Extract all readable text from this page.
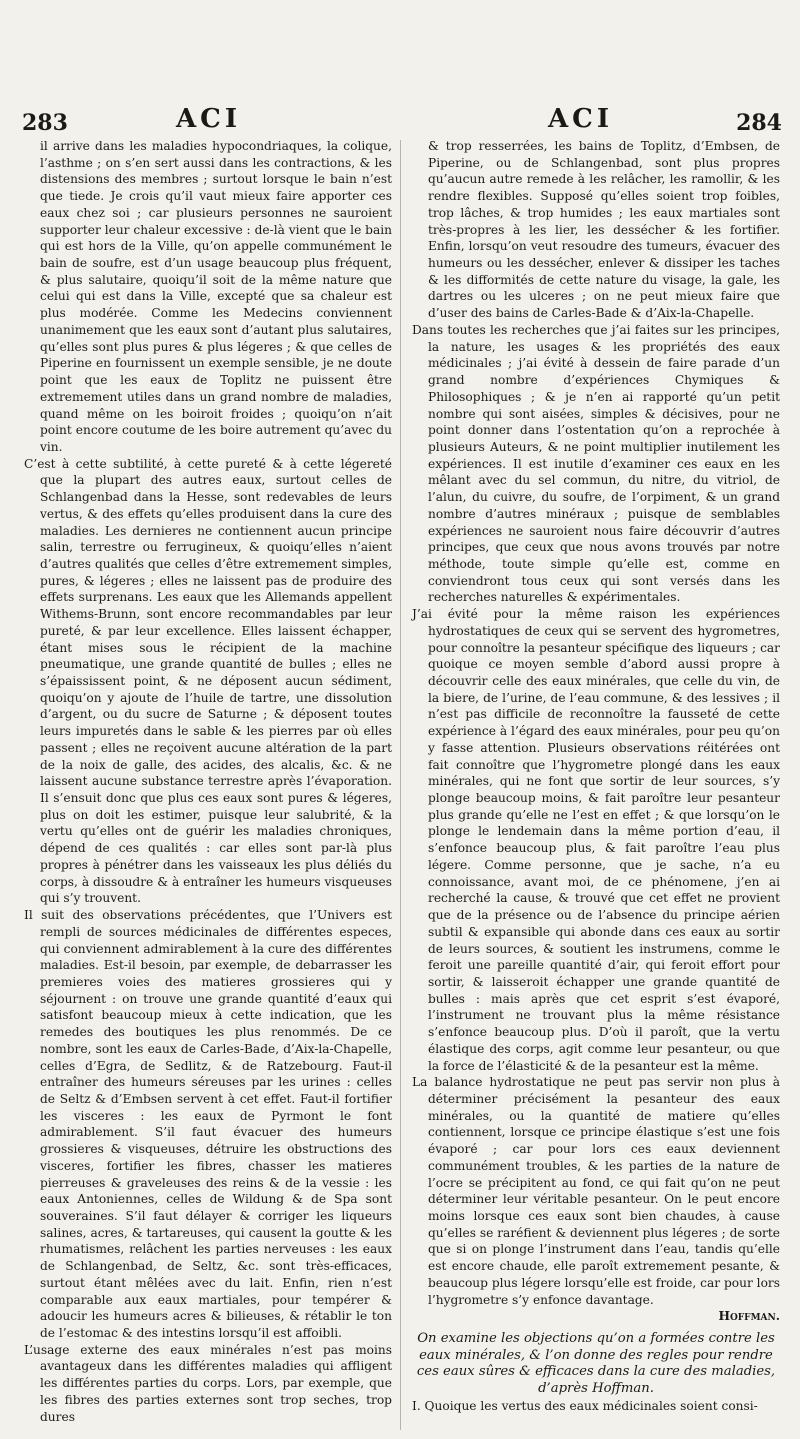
283	ACI	ACI	284

il arrive dans les maladies hypocondriaques, la colique, l’asthme ; on s’en sert aussi dans les contractions, & les distensions des membres ; surtout lorsque le bain n’est que tiede. Je crois qu’il vaut mieux faire apporter ces eaux chez soi ; car plusieurs personnes ne sauroient supporter leur chaleur excessive : de-là vient que le bain qui est hors de la Ville, qu’on appelle communément le bain de soufre, est d’un usage beaucoup plus fréquent, & plus salutaire, quoiqu’il soit de la même nature que celui qui est dans la Ville, excepté que sa chaleur est plus modérée. Comme les Medecins conviennent unanimement que les eaux sont d’autant plus salutaires, qu’elles sont plus pures & plus légeres ; & que celles de Piperine en fournissent un exemple sensible, je ne doute point que les eaux de Toplitz ne puissent être extremement utiles dans un grand nombre de maladies, quand même on les boiroit froides ; quoiqu’on n’ait point encore coutume de les boire autrement qu’avec du vin.

C’est à cette subtilité, à cette pureté & à cette légereté que la plupart des autres eaux, surtout celles de Schlangenbad dans la Hesse, sont redevables de leurs vertus, & des effets qu’elles produisent dans la cure des maladies. Les dernieres ne contiennent aucun principe salin, terrestre ou ferrugineux, & quoiqu’elles n’aient d’autres qualités que celles d’être extremement simples, pures, & légeres ; elles ne laissent pas de produire des effets surprenans. Les eaux que les Allemands appellent Withems-Brunn, sont encore recommandables par leur pureté, & par leur excellence. Elles laissent échapper, étant mises sous le récipient de la machine pneumatique, une grande quantité de bulles ; elles ne s’épaississent point, & ne déposent aucun sédiment, quoiqu’on y ajoute de l’huile de tartre, une dissolution d’argent, ou du sucre de Saturne ; & déposent toutes leurs impuretés dans le sable & les pierres par où elles passent ; elles ne reçoivent aucune altération de la part de la noix de galle, des acides, des alcalis, &c. & ne laissent aucune substance terrestre après l’évaporation. Il s’ensuit donc que plus ces eaux sont pures & légeres, plus on doit les estimer, puisque leur salubrité, & la vertu qu’elles ont de guérir les maladies chroniques, dépend de ces qualités : car elles sont par-là plus propres à pénétrer dans les vaisseaux les plus déliés du corps, à dissoudre & à entraîner les humeurs visqueuses qui s’y trouvent.

Il suit des observations précédentes, que l’Univers est rempli de sources médicinales de différentes especes, qui conviennent admirablement à la cure des différentes maladies. Est-il besoin, par exemple, de debarrasser les premieres voies des matieres grossieres qui y séjournent : on trouve une grande quantité d’eaux qui satisfont beaucoup mieux à cette indication, que les remedes des boutiques les plus renommés. De ce nombre, sont les eaux de Carles-Bade, d’Aix-la-Chapelle, celles d’Egra, de Sedlitz, & de Ratzebourg. Faut-il entraîner des humeurs séreuses par les urines : celles de Seltz & d’Embsen servent à cet effet. Faut-il fortifier les visceres : les eaux de Pyrmont le font admirablement. S’il faut évacuer des humeurs grossieres & visqueuses, détruire les obstructions des visceres, fortifier les fibres, chasser les matieres pierreuses & graveleuses des reins & de la vessie : les eaux Antoniennes, celles de Wildung & de Spa sont souveraines. S’il faut délayer & corriger les liqueurs salines, acres, & tartareuses, qui causent la goutte & les rhumatismes, relâchent les parties nerveuses : les eaux de Schlangenbad, de Seltz, &c. sont très-efficaces, surtout étant mêlées avec du lait. Enfin, rien n’est comparable aux eaux martiales, pour tempérer & adoucir les humeurs acres & bilieuses, & rétablir le ton de l’estomac & des intestins lorsqu’il est affoibli.

L’usage externe des eaux minérales n’est pas moins avantageux dans les différentes maladies qui affligent les différentes parties du corps. Lors, par exemple, que les fibres des parties externes sont trop seches, trop dures

& trop resserrées, les bains de Toplitz, d’Embsen, de Piperine, ou de Schlangenbad, sont plus propres qu’aucun autre remede à les relâcher, les ramollir, & les rendre flexibles. Supposé qu’elles soient trop foibles, trop lâches, & trop humides ; les eaux martiales sont très-propres à les lier, les dessécher & les fortifier. Enfin, lorsqu’on veut resoudre des tumeurs, évacuer des humeurs ou les dessécher, enlever & dissiper les taches & les difformités de cette nature du visage, la gale, les dartres ou les ulceres ; on ne peut mieux faire que d’user des bains de Carles-Bade & d’Aix-la-Chapelle.

Dans toutes les recherches que j’ai faites sur les principes, la nature, les usages & les propriétés des eaux médicinales ; j’ai évité à dessein de faire parade d’un grand nombre d’expériences Chymiques & Philosophiques ; & je n’en ai rapporté qu’un petit nombre qui sont aisées, simples & décisives, pour ne point donner dans l’ostentation qu’on a reprochée à plusieurs Auteurs, & ne point multiplier inutilement les expériences. Il est inutile d’examiner ces eaux en les mêlant avec du sel commun, du nitre, du vitriol, de l’alun, du cuivre, du soufre, de l’orpiment, & un grand nombre d’autres minéraux ; puisque de semblables expériences ne sauroient nous faire découvrir d’autres principes, que ceux que nous avons trouvés par notre méthode, toute simple qu’elle est, comme en conviendront tous ceux qui sont versés dans les recherches naturelles & expérimentales.

J’ai évité pour la même raison les expériences hydrostatiques de ceux qui se servent des hygrometres, pour connoître la pesanteur spécifique des liqueurs ; car quoique ce moyen semble d’abord aussi propre à découvrir celle des eaux minérales, que celle du vin, de la biere, de l’urine, de l’eau commune, & des lessives ; il n’est pas difficile de reconnoître la fausseté de cette expérience à l’égard des eaux minérales, pour peu qu’on y fasse attention. Plusieurs observations réitérées ont fait connoître que l’hygrometre plongé dans les eaux minérales, qui ne font que sortir de leur sources, s’y plonge beaucoup moins, & fait paroître leur pesanteur plus grande qu’elle ne l’est en effet ; & que lorsqu’on le plonge le lendemain dans la même portion d’eau, il s’enfonce beaucoup plus, & fait paroître l’eau plus légere. Comme personne, que je sache, n’a eu connoissance, avant moi, de ce phénomene, j’en ai recherché la cause, & trouvé que cet effet ne provient que de la présence ou de l’absence du principe aérien subtil & expansible qui abonde dans ces eaux au sortir de leurs sources, & soutient les instrumens, comme le feroit une pareille quantité d’air, qui feroit effort pour sortir, & laisseroit échapper une grande quantité de bulles : mais après que cet esprit s’est évaporé, l’instrument ne trouvant plus la même résistance s’enfonce beaucoup plus. D’où il paroît, que la vertu élastique des corps, agit comme leur pesanteur, ou que la force de l’élasticité & de la pesanteur est la même.

La balance hydrostatique ne peut pas servir non plus à déterminer précisément la pesanteur des eaux minérales, ou la quantité de matiere qu’elles contiennent, lorsque ce principe élastique s’est une fois évaporé ; car pour lors ces eaux deviennent communément troubles, & les parties de la nature de l’ocre se précipitent au fond, ce qui fait qu’on ne peut déterminer leur véritable pesanteur. On le peut encore moins lorsque ces eaux sont bien chaudes, à cause qu’elles se raréfient & deviennent plus légeres ; de sorte que si on plonge l’instrument dans l’eau, tandis qu’elle est encore chaude, elle paroît extremement pesante, & beaucoup plus légere lorsqu’elle est froide, car pour lors l’hygrometre s’y enfonce davantage.

Hoffman.

On examine les objections qu’on a formées contre les eaux minérales, & l’on donne des regles pour rendre ces eaux sûres & efficaces dans la cure des maladies, d’après Hoffman.

I. Quoique les vertus des eaux médicinales soient consi-
